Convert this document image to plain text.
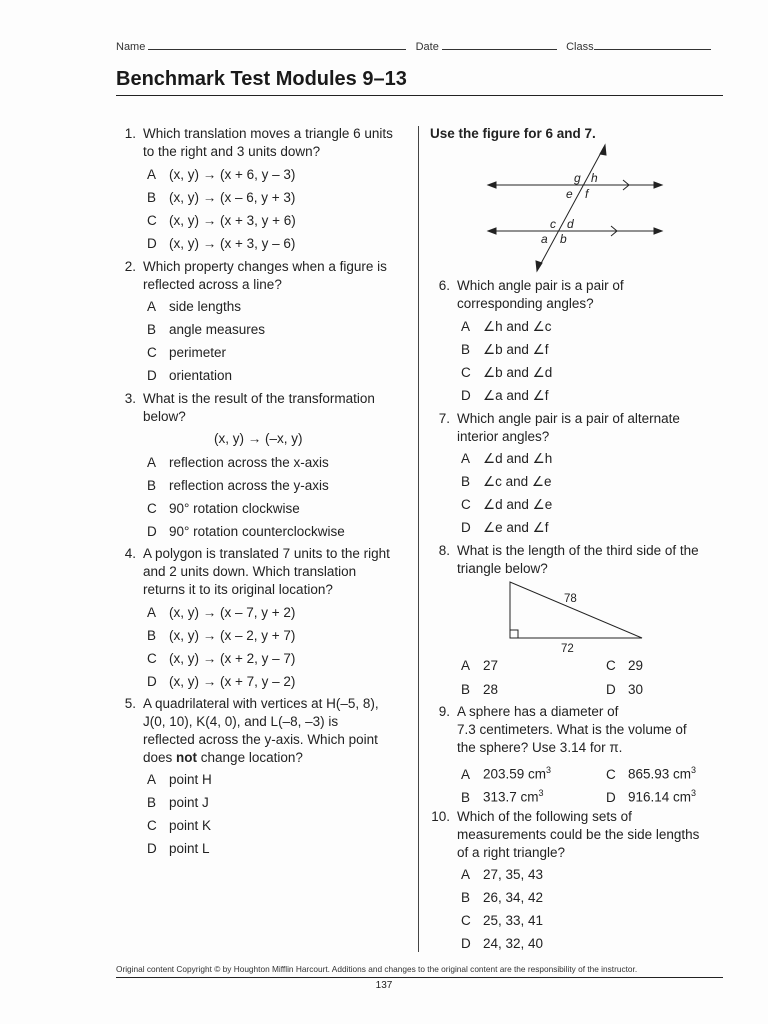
Name	Date	Class
Benchmark Test Modules 9–13
1. Which translation moves a triangle 6 units
to the right and 3 units down?
A (x, y) → (x + 6, y – 3)
B (x, y) → (x – 6, y + 3)
C (x, y) → (x + 3, y + 6)
D (x, y) → (x + 3, y – 6)
2. Which property changes when a figure is
reflected across a line?
A side lengths
B angle measures
C perimeter
D orientation
3. What is the result of the transformation
below?
(x, y) → (–x, y)
A reflection across the x-axis
B reflection across the y-axis
C 90° rotation clockwise
D 90° rotation counterclockwise
4. A polygon is translated 7 units to the right
and 2 units down. Which translation
returns it to its original location?
A (x, y) → (x – 7, y + 2)
B (x, y) → (x – 2, y + 7)
C (x, y) → (x + 2, y – 7)
D (x, y) → (x + 7, y – 2)
5. A quadrilateral with vertices at H(–5, 8),
J(0, 10), K(4, 0), and L(–8, –3) is
reflected across the y-axis. Which point
does not change location?
A point H
B point J
C point K
D point L
Use the figure for 6 and 7.
g h
e f
c d
a b
6. Which angle pair is a pair of
corresponding angles?
A ∠h and ∠c
B ∠b and ∠f
C ∠b and ∠d
D ∠a and ∠f
7. Which angle pair is a pair of alternate
interior angles?
A ∠d and ∠h
B ∠c and ∠e
C ∠d and ∠e
D ∠e and ∠f
8. What is the length of the third side of the
triangle below?
78
72
A 27
B 28
C 29
D 30
9. A sphere has a diameter of
7.3 centimeters. What is the volume of
the sphere? Use 3.14 for π.
A 203.59 $cm^3$
B 313.7 $cm^3$
C 865.93 $cm^3$
D 916.14 $cm^3$
10. Which of the following sets of
measurements could be the side lengths
of a right triangle?
A 27, 35, 43
B 26, 34, 42
C 25, 33, 41
D 24, 32, 40
Original content Copyright © by Houghton Mifflin Harcourt. Additions and changes to the original content are the responsibility of the instructor.
137
